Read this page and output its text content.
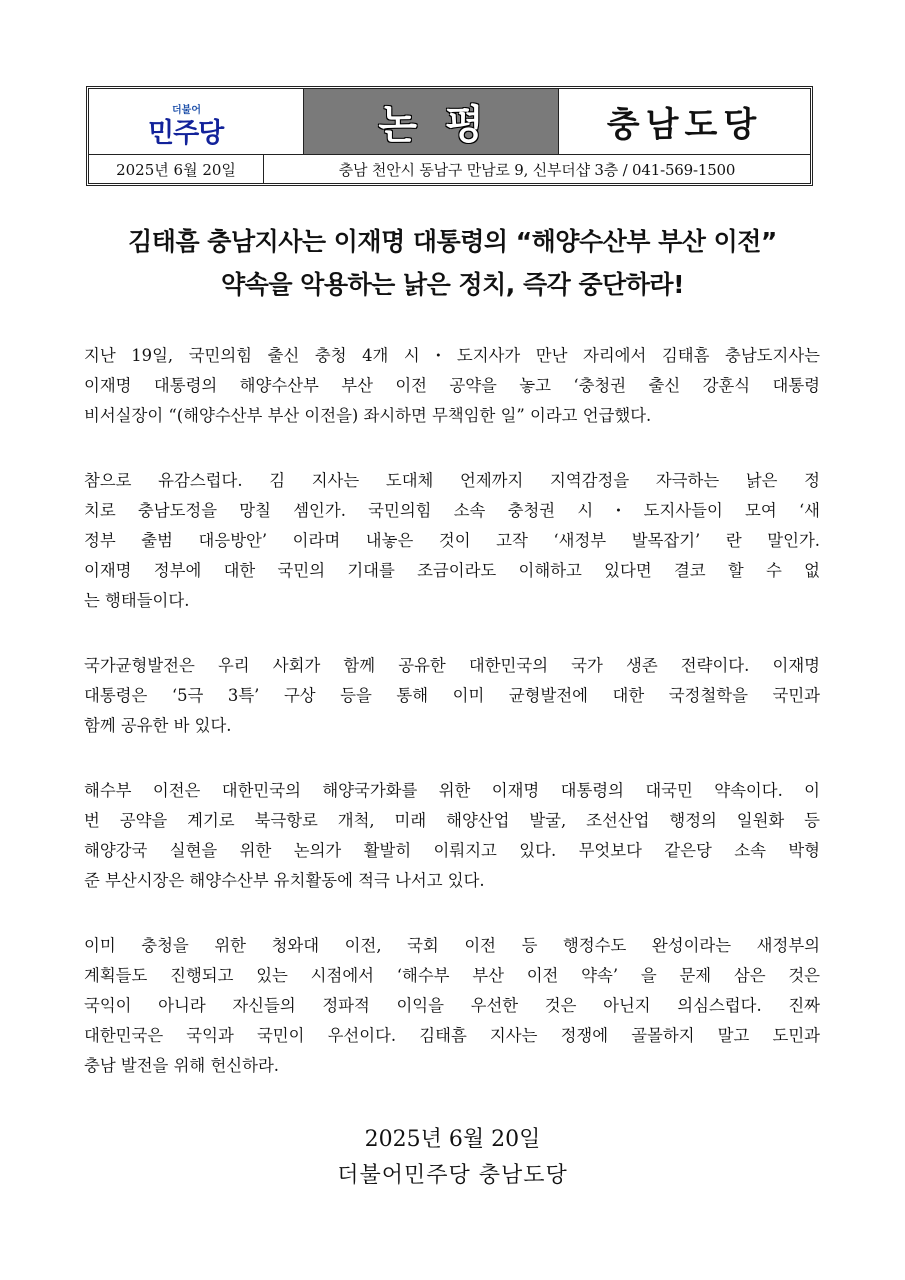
더불어
민주당	논평	충남도당
2025년 6월 20일	충남 천안시 동남구 만남로 9, 신부더샵 3층 / 041-569-1500
김태흠 충남지사는 이재명 대통령의 “해양수산부 부산 이전”
약속을 악용하는 낡은 정치, 즉각 중단하라!
지난 19일, 국민의힘 출신 충청 4개 시・도지사가 만난 자리에서 김태흠 충남도지사는
이재명 대통령의 해양수산부 부산 이전 공약을 놓고 ‘충청권 출신 강훈식 대통령
비서실장이 “(해양수산부 부산 이전을) 좌시하면 무책임한 일” 이라고 언급했다.
참으로 유감스럽다. 김 지사는 도대체 언제까지 지역감정을 자극하는 낡은 정
치로 충남도정을 망칠 셈인가. 국민의힘 소속 충청권 시・도지사들이 모여 ‘새
정부 출범 대응방안’ 이라며 내놓은 것이 고작 ‘새정부 발목잡기’ 란 말인가.
이재명 정부에 대한 국민의 기대를 조금이라도 이해하고 있다면 결코 할 수 없
는 행태들이다.
국가균형발전은 우리 사회가 함께 공유한 대한민국의 국가 생존 전략이다. 이재명
대통령은 ‘5극 3특’ 구상 등을 통해 이미 균형발전에 대한 국정철학을 국민과
함께 공유한 바 있다.
해수부 이전은 대한민국의 해양국가화를 위한 이재명 대통령의 대국민 약속이다. 이
번 공약을 계기로 북극항로 개척, 미래 해양산업 발굴, 조선산업 행정의 일원화 등
해양강국 실현을 위한 논의가 활발히 이뤄지고 있다. 무엇보다 같은당 소속 박형
준 부산시장은 해양수산부 유치활동에 적극 나서고 있다.
이미 충청을 위한 청와대 이전, 국회 이전 등 행정수도 완성이라는 새정부의
계획들도 진행되고 있는 시점에서 ‘해수부 부산 이전 약속’ 을 문제 삼은 것은
국익이 아니라 자신들의 정파적 이익을 우선한 것은 아닌지 의심스럽다. 진짜
대한민국은 국익과 국민이 우선이다. 김태흠 지사는 정쟁에 골몰하지 말고 도민과
충남 발전을 위해 헌신하라.
2025년 6월 20일
더불어민주당 충남도당
